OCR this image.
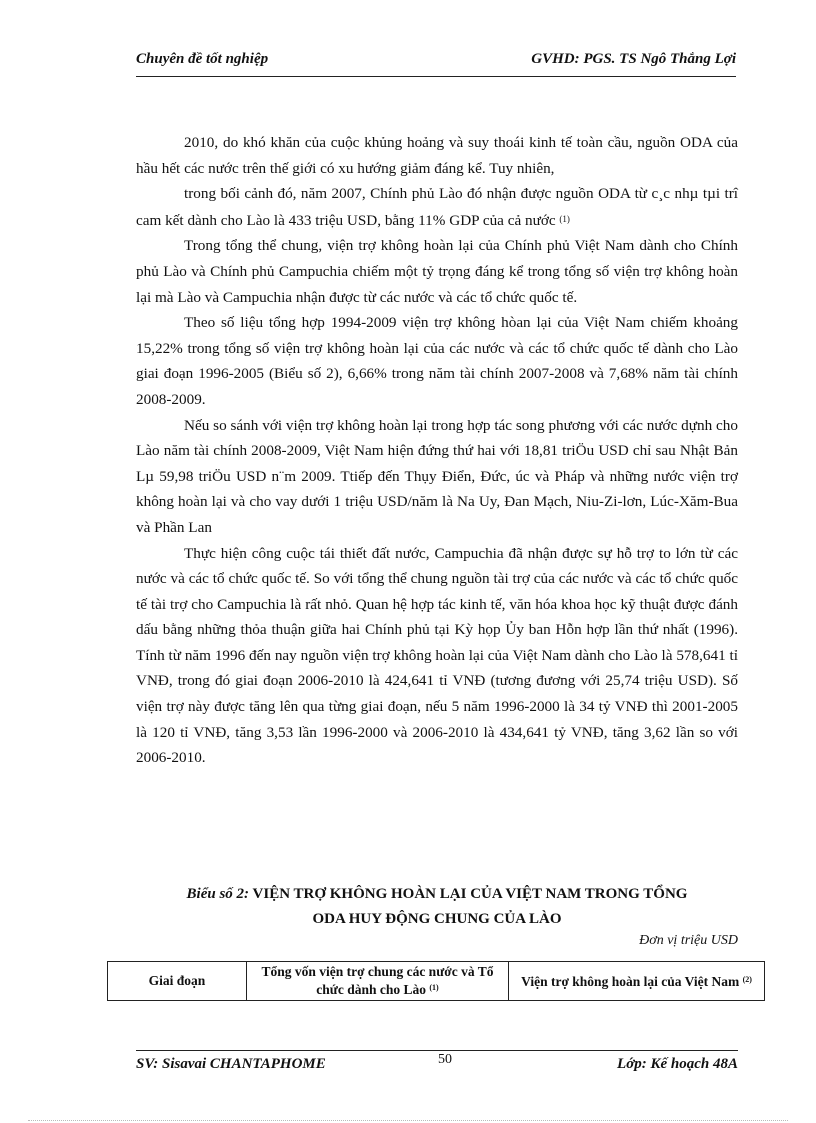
Chuyên đề tốt nghiệp	GVHD: PGS. TS Ngô Thắng Lợi

2010, do khó khăn của cuộc khủng hoảng và suy thoái kinh tế toàn cầu, nguồn ODA của hầu hết các nước trên thế giới có xu hướng giảm đáng kể. Tuy nhiên,

trong bối cảnh đó, năm 2007, Chính phủ Lào đó nhận được nguồn ODA từ c¸c nhµ tµi trî cam kết dành cho Lào là 433 triệu USD, bằng 11% GDP của cả nước $^{(1)}$

Trong tổng thể chung, viện trợ không hoàn lại của Chính phủ Việt Nam dành cho Chính phủ Lào và Chính phủ Campuchia chiếm một tỷ trọng đáng kể trong tổng số viện trợ không hoàn lại mà Lào và Campuchia nhận được từ các nước và các tổ chức quốc tế.

Theo số liệu tổng hợp 1994-2009 viện trợ không hòan lại của Việt Nam chiếm khoảng 15,22% trong tổng số viện trợ không hoàn lại của các nước và các tổ chức quốc tế dành cho Lào giai đoạn 1996-2005 (Biểu số 2), 6,66% trong năm tài chính 2007-2008 và 7,68% năm tài chính 2008-2009.

Nếu so sánh với viện trợ không hoàn lại trong hợp tác song phương với các nước dựnh cho Lào năm tài chính 2008-2009, Việt Nam hiện đứng thứ hai với 18,81 triÖu USD chỉ sau Nhật Bản Lµ 59,98 triÖu USD n¨m 2009. Ttiếp đến Thụy Điển, Đức, úc và Pháp và những nước viện trợ không hoàn lại và cho vay dưới 1 triệu USD/năm là Na Uy, Đan Mạch, Niu-Zi-lơn, Lúc-Xăm-Bua và Phần Lan

Thực hiện công cuộc tái thiết đất nước, Campuchia đã nhận được sự hỗ trợ to lớn từ các nước và các tổ chức quốc tế. So với tổng thể chung nguồn tài trợ của các nước và các tổ chức quốc tế tài trợ cho Campuchia là rất nhỏ. Quan hệ hợp tác kinh tế, văn hóa khoa học kỹ thuật được đánh dấu bằng những thỏa thuận giữa hai Chính phủ tại Kỳ họp Ủy ban Hỗn hợp lần thứ nhất (1996). Tính từ năm 1996 đến nay nguồn viện trợ không hoàn lại của Việt Nam dành cho Lào là 578,641 tỉ VNĐ, trong đó giai đoạn 2006-2010 là 424,641 tỉ VNĐ (tương đương với 25,74 triệu USD). Số viện trợ này được tăng lên qua từng giai đoạn, nếu 5 năm 1996-2000 là 34 tỷ VNĐ thì 2001-2005 là 120 tỉ VNĐ, tăng 3,53 lần 1996-2000 và 2006-2010 là 434,641 tỷ VNĐ, tăng 3,62 lần so với 2006-2010.

Biểu số 2: VIỆN TRỢ KHÔNG HOÀN LẠI CỦA VIỆT NAM TRONG TỔNG
ODA HUY ĐỘNG CHUNG CỦA LÀO
Đơn vị triệu USD
Giai đoạn	Tổng vốn viện trợ chung các nước và Tổ chức dành cho Lào $^{(1)}$	Viện trợ không hoàn lại của Việt Nam $^{(2)}$
SV: Sisavai CHANTAPHOME	50	Lớp: Kế hoạch 48A
